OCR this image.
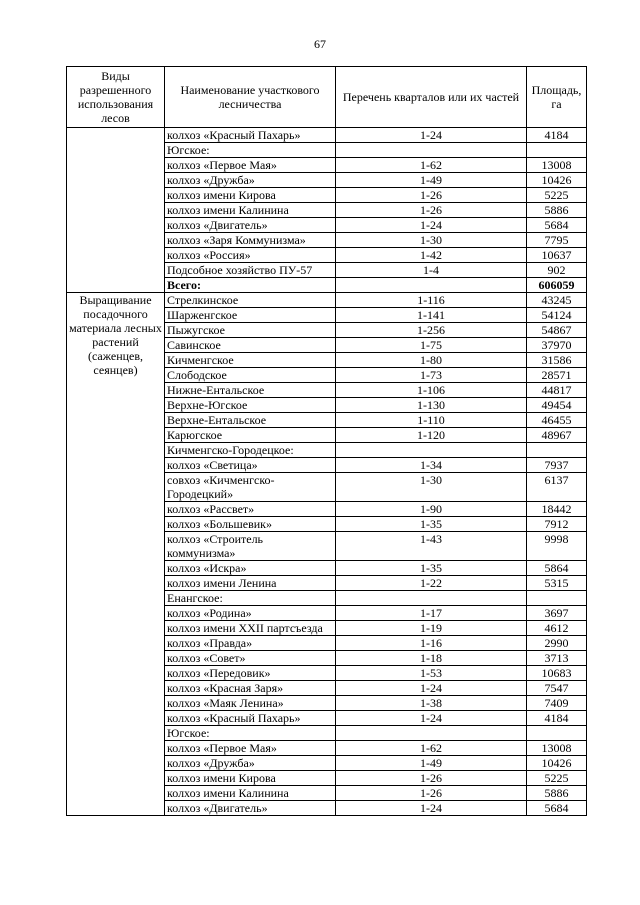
67
Виды разрешенного использования лесов	Наименование участкового лесничества	Перечень кварталов или их частей	Площадь, га
	колхоз «Красный Пахарь»	1-24	4184
	Югское:		
	колхоз «Первое Мая»	1-62	13008
	колхоз «Дружба»	1-49	10426
	колхоз имени Кирова	1-26	5225
	колхоз имени Калинина	1-26	5886
	колхоз «Двигатель»	1-24	5684
	колхоз «Заря Коммунизма»	1-30	7795
	колхоз «Россия»	1-42	10637
	Подсобное хозяйство ПУ-57	1-4	902
	Всего:		606059
Выращивание посадочного материала лесных растений (саженцев, сеянцев)	Стрелкинское	1-116	43245
	Шарженгское	1-141	54124
	Пыжугское	1-256	54867
	Савинское	1-75	37970
	Кичменгское	1-80	31586
	Слободское	1-73	28571
	Нижне-Ентальское	1-106	44817
	Верхне-Югское	1-130	49454
	Верхне-Ентальское	1-110	46455
	Карюгское	1-120	48967
	Кичменгско-Городецкое:		
	колхоз «Светица»	1-34	7937
	совхоз «Кичменгско-Городецкий»	1-30	6137
	колхоз «Рассвет»	1-90	18442
	колхоз «Большевик»	1-35	7912
	колхоз «Строитель коммунизма»	1-43	9998
	колхоз «Искра»	1-35	5864
	колхоз имени Ленина	1-22	5315
	Енангское:		
	колхоз «Родина»	1-17	3697
	колхоз имени XXII партсъезда	1-19	4612
	колхоз «Правда»	1-16	2990
	колхоз «Совет»	1-18	3713
	колхоз «Передовик»	1-53	10683
	колхоз «Красная Заря»	1-24	7547
	колхоз «Маяк Ленина»	1-38	7409
	колхоз «Красный Пахарь»	1-24	4184
	Югское:		
	колхоз «Первое Мая»	1-62	13008
	колхоз «Дружба»	1-49	10426
	колхоз имени Кирова	1-26	5225
	колхоз имени Калинина	1-26	5886
	колхоз «Двигатель»	1-24	5684
